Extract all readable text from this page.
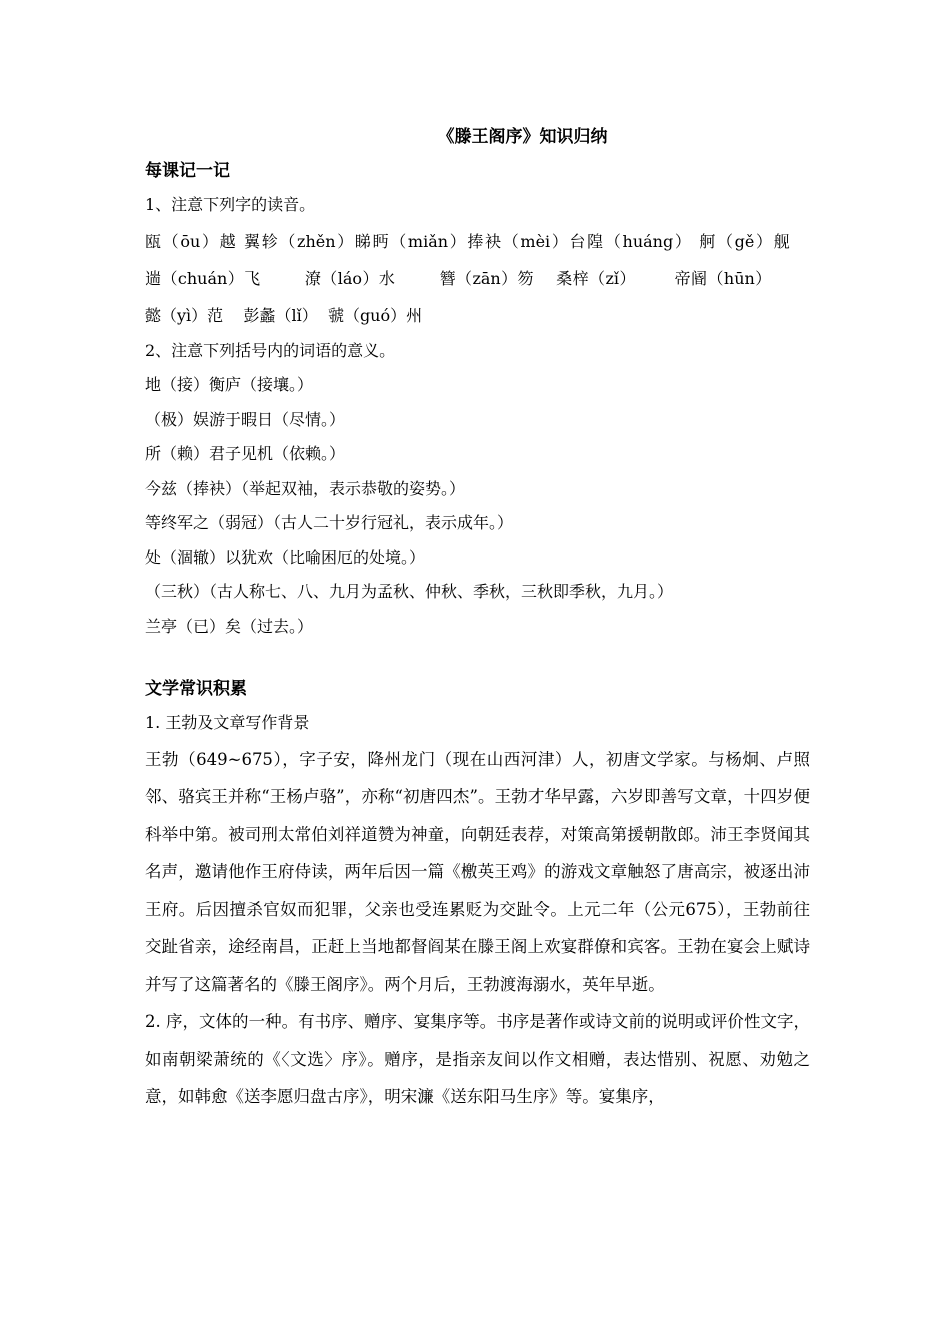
《滕王阁序》知识归纳
每课记一记
1、注意下列字的读音。
瓯（ōu）越 翼轸（zhěn）睇眄（miǎn）捧袂（mèi）台隍（huáng） 舸（gě）舰    遄（chuán）飞        潦（láo）水        簪（zān）笏    桑梓（zǐ）       帝阍（hūn）        懿（yì）范    彭蠡（lǐ）  虢（guó）州
2、注意下列括号内的词语的意义。
地（接）衡庐（接壤。）
（极）娱游于暇日（尽情。）
所（赖）君子见机（依赖。）
今兹（捧袂）（举起双袖，表示恭敬的姿势。）
等终军之（弱冠）（古人二十岁行冠礼，表示成年。）
处（涸辙）以犹欢（比喻困厄的处境。）
（三秋）（古人称七、八、九月为孟秋、仲秋、季秋，三秋即季秋，九月。）
兰亭（已）矣（过去。）
文学常识积累
1. 王勃及文章写作背景
王勃（649~675），字子安，降州龙门（现在山西河津）人，初唐文学家。与杨炯、卢照邻、骆宾王并称“王杨卢骆”，亦称“初唐四杰”。王勃才华早露，六岁即善写文章，十四岁便科举中第。被司刑太常伯刘祥道赞为神童，向朝廷表荐，对策高第援朝散郎。沛王李贤闻其名声，邀请他作王府侍读，两年后因一篇《檄英王鸡》的游戏文章触怒了唐高宗，被逐出沛王府。后因擅杀官奴而犯罪，父亲也受连累贬为交趾令。上元二年（公元675），王勃前往交趾省亲，途经南昌，正赶上当地都督阎某在滕王阁上欢宴群僚和宾客。王勃在宴会上赋诗并写了这篇著名的《滕王阁序》。两个月后，王勃渡海溺水，英年早逝。
2. 序，文体的一种。有书序、赠序、宴集序等。书序是著作或诗文前的说明或评价性文字，如南朝梁萧统的《〈文选〉序》。赠序，是指亲友间以作文相赠，表达惜别、祝愿、劝勉之意，如韩愈《送李愿归盘古序》，明宋濂《送东阳马生序》等。宴集序，
